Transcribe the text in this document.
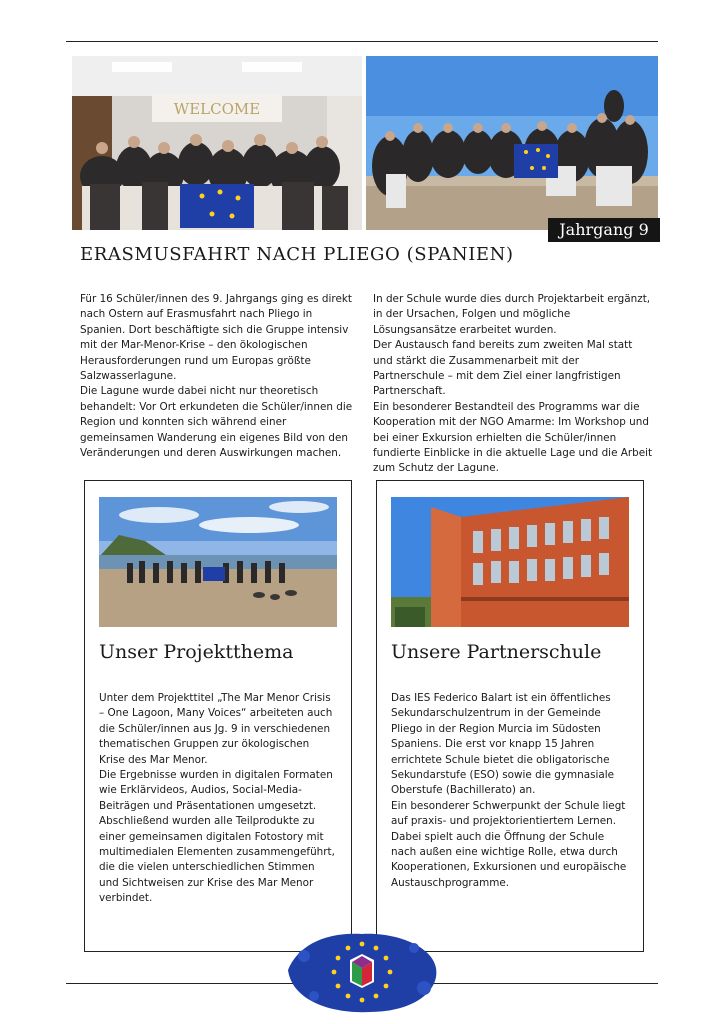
WELCOME
Jahrgang 9
ERASMUSFAHRT NACH PLIEGO (SPANIEN)

Für 16 Schüler/innen des 9. Jahrgangs ging es direkt nach Ostern auf Erasmusfahrt nach Pliego in Spanien. Dort beschäftigte sich die Gruppe intensiv mit der Mar-Menor-Krise – den ökologischen Herausforderungen rund um Europas größte Salzwasserlagune.

Die Lagune wurde dabei nicht nur theoretisch behandelt: Vor Ort erkundeten die Schüler/innen die Region und konnten sich während einer gemeinsamen Wanderung ein eigenes Bild von den Veränderungen und deren Auswirkungen machen.

In der Schule wurde dies durch Projektarbeit ergänzt, in der Ursachen, Folgen und mögliche Lösungsansätze erarbeitet wurden.

Der Austausch fand bereits zum zweiten Mal statt und stärkt die Zusammenarbeit mit der Partnerschule – mit dem Ziel einer langfristigen Partnerschaft.

Ein besonderer Bestandteil des Programms war die Kooperation mit der NGO Amarme: Im Workshop und bei einer Exkursion erhielten die Schüler/innen fundierte Einblicke in die aktuelle Lage und die Arbeit zum Schutz der Lagune.

Unser Projektthema

Unter dem Projekttitel „The Mar Menor Crisis – One Lagoon, Many Voices“ arbeiteten auch die Schüler/innen aus Jg. 9 in verschiedenen thematischen Gruppen zur ökologischen Krise des Mar Menor.

Die Ergebnisse wurden in digitalen Formaten wie Erklärvideos, Audios, Social-Media-Beiträgen und Präsentationen umgesetzt. Abschließend wurden alle Teilprodukte zu einer gemeinsamen digitalen Fotostory mit multimedialen Elementen zusammengeführt, die die vielen unterschiedlichen Stimmen und Sichtweisen zur Krise des Mar Menor verbindet.

Unsere Partnerschule

Das IES Federico Balart ist ein öffentliches Sekundarschulzentrum in der Gemeinde Pliego in der Region Murcia im Südosten Spaniens. Die erst vor knapp 15 Jahren errichtete Schule bietet die obligatorische Sekundarstufe (ESO) sowie die gymnasiale Oberstufe (Bachillerato) an.

Ein besonderer Schwerpunkt der Schule liegt auf praxis- und projektorientiertem Lernen.

Dabei spielt auch die Öffnung der Schule nach außen eine wichtige Rolle, etwa durch Kooperationen, Exkursionen und europäische Austauschprogramme.
